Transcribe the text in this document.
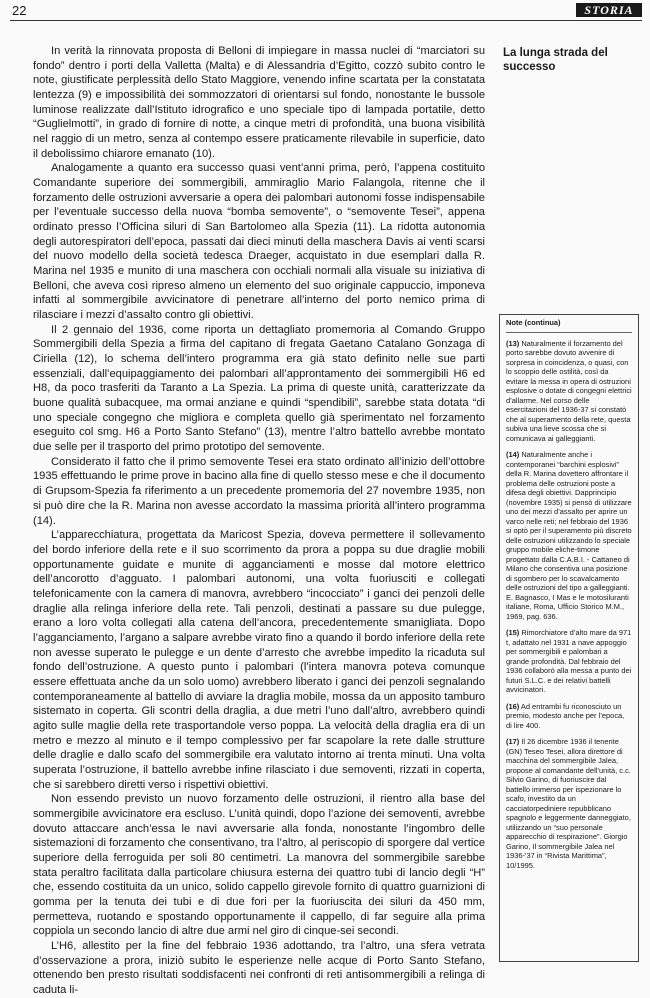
22	STORIA

In verità la rinnovata proposta di Belloni di impiegare in massa nuclei di “marciatori su fondo” dentro i porti della Valletta (Malta) e di Alessandria d’Egitto, cozzò subito contro le note, giustificate perplessità dello Stato Maggiore, venendo infine scartata per la constatata lentezza (9) e impossibilità dei sommozzatori di orientarsi sul fondo, nonostante le bussole luminose realizzate dall’Istituto idrografico e uno speciale tipo di lampada portatile, detto “Guglielmotti”, in grado di fornire di notte, a cinque metri di profondità, una buona visibilità nel raggio di un metro, senza al contempo essere praticamente rilevabile in superficie, dato il debolissimo chiarore emanato (10).

Analogamente a quanto era successo quasi vent’anni prima, però, l’appena costituito Comandante superiore dei sommergibili, ammiraglio Mario Falangola, ritenne che il forzamento delle ostruzioni avversarie a opera dei palombari autonomi fosse indispensabile per l’eventuale successo della nuova “bomba semovente”, o “semovente Tesei”, appena ordinato presso l’Officina siluri di San Bartolomeo alla Spezia (11). La ridotta autonomia degli autorespiratori dell’epoca, passati dai dieci minuti della maschera Davis ai venti scarsi del nuovo modello della società tedesca Draeger, acquistato in due esemplari dalla R. Marina nel 1935 e munito di una maschera con occhiali normali alla visuale su iniziativa di Belloni, che aveva così ripreso almeno un elemento del suo originale cappuccio, imponeva infatti al sommergibile avvicinatore di penetrare all’interno del porto nemico prima di rilasciare i mezzi d’assalto contro gli obiettivi.

Il 2 gennaio del 1936, come riporta un dettagliato promemoria al Comando Gruppo Sommergibili della Spezia a firma del capitano di fregata Gaetano Catalano Gonzaga di Ciriella (12), lo schema dell’intero programma era già stato definito nelle sue parti essenziali, dall’equipaggiamento dei palombari all’approntamento dei sommergibili H6 ed H8, da poco trasferiti da Taranto a La Spezia. La prima di queste unità, caratterizzate da buone qualità subacquee, ma ormai anziane e quindi “spendibili”, sarebbe stata dotata “di uno speciale congegno che migliora e completa quello già sperimentato nel forzamento eseguito col smg. H6 a Porto Santo Stefano” (13), mentre l’altro battello avrebbe montato due selle per il trasporto del primo prototipo del semovente.

Considerato il fatto che il primo semovente Tesei era stato ordinato all’inizio dell’ottobre 1935 effettuando le prime prove in bacino alla fine di quello stesso mese e che il documento di Grupsom-Spezia fa riferimento a un precedente promemoria del 27 novembre 1935, non si può dire che la R. Marina non avesse accordato la massima priorità all’intero programma (14).

L’apparecchiatura, progettata da Maricost Spezia, doveva permettere il sollevamento del bordo inferiore della rete e il suo scorrimento da prora a poppa su due draglie mobili opportunamente guidate e munite di agganciamenti e mosse dal motore elettrico dell’ancorotto d’agguato. I palombari autonomi, una volta fuoriusciti e collegati telefonicamente con la camera di manovra, avrebbero “incocciato” i ganci dei penzoli delle draglie alla relinga inferiore della rete. Tali penzoli, destinati a passare su due pulegge, erano a loro volta collegati alla catena dell’ancora, precedentemente smanigliata. Dopo l’agganciamento, l’argano a salpare avrebbe virato fino a quando il bordo inferiore della rete non avesse superato le pulegge e un dente d’arresto che avrebbe impedito la ricaduta sul fondo dell’ostruzione. A questo punto i palombari (l’intera manovra poteva comunque essere effettuata anche da un solo uomo) avrebbero liberato i ganci dei penzoli segnalando contemporaneamente al battello di avviare la draglia mobile, mossa da un apposito tamburo sistemato in coperta. Gli scontri della draglia, a due metri l’uno dall’altro, avrebbero quindi agito sulle maglie della rete trasportandole verso poppa. La velocità della draglia era di un metro e mezzo al minuto e il tempo complessivo per far scapolare la rete dalle strutture delle draglie e dallo scafo del sommergibile era valutato intorno ai trenta minuti. Una volta superata l’ostruzione, il battello avrebbe infine rilasciato i due semoventi, rizzati in coperta, che si sarebbero diretti verso i rispettivi obiettivi.

Non essendo previsto un nuovo forzamento delle ostruzioni, il rientro alla base del sommergibile avvicinatore era escluso. L’unità quindi, dopo l’azione dei semoventi, avrebbe dovuto attaccare anch’essa le navi avversarie alla fonda, nonostante l’ingombro delle sistemazioni di forzamento che consentivano, tra l’altro, al periscopio di sporgere dal vertice superiore della ferroguida per soli 80 centimetri. La manovra del sommergibile sarebbe stata peraltro facilitata dalla particolare chiusura esterna dei quattro tubi di lancio degli “H” che, essendo costituita da un unico, solido cappello girevole fornito di quattro guarnizioni di gomma per la tenuta dei tubi e di due fori per la fuoriuscita dei siluri da 450 mm, permetteva, ruotando e spostando opportunamente il cappello, di far seguire alla prima coppiola un secondo lancio di altre due armi nel giro di cinque-sei secondi.

L’H6, allestito per la fine del febbraio 1936 adottando, tra l’altro, una sfera vetrata d’osservazione a prora, iniziò subito le esperienze nelle acque di Porto Santo Stefano, ottenendo ben presto risultati soddisfacenti nei confronti di reti antisommergibili a relinga di caduta li-

La lunga strada del successo
Note (continua)
(13) Naturalmente il forzamento del porto sarebbe dovuto avvenire di sorpresa in coincidenza, o quasi, con lo scoppio delle ostilità, così da evitare la messa in opera di ostruzioni esplosive o dotate di congegni elettrici d’allarme. Nel corso delle esercitazioni del 1936-37 si constatò che al superamento della rete, questa subiva una lieve scossa che si comunicava ai galleggianti.
(14) Naturalmente anche i contemporanei “barchini esplosivi” della R. Marina dovettero affrontare il problema delle ostruzioni poste a difesa degli obiettivi. Dapprincipio (novembre 1935) si pensò di utilizzare uno dei mezzi d’assalto per aprire un varco nelle reti; nel febbraio del 1936 si optò per il superamento più discreto delle ostruzioni utilizzando lo speciale gruppo mobile eliche-timone progettato dalla C.A.B.I. - Cattaneo di Milano che consentiva una posizione di sgombero per lo scavalcamento delle ostruzioni del tipo a galleggianti. E. Bagnasco, I Mas e le motosiluranti italiane, Roma, Ufficio Storico M.M., 1969, pag. 636.
(15) Rimorchiatore d’alto mare da 971 t, adattato nel 1931 a nave appoggio per sommergibili e palombari a grande profondità. Dal febbraio del 1936 collaborò alla messa a punto dei futuri S.L.C. e dei relativi battelli avvicinatori.
(16) Ad entrambi fu riconosciuto un premio, modesto anche per l’epoca, di lire 400.
(17) Il 26 dicembre 1936 il tenente (GN) Teseo Tesei, allora direttore di macchina del sommergibile Jalea, propose al comandante dell’unità, c.c. Silvio Garino, di fuoriuscire dal battello immerso per ispezionare lo scafo, investito da un cacciatorpediniere repubblicano spagnolo e leggermente danneggiato, utilizzando un “suo personale apparecchio di respirazione”. Giorgio Garino, Il sommergibile Jalea nel 1936-'37 in “Rivista Marittima”, 10/1995.
